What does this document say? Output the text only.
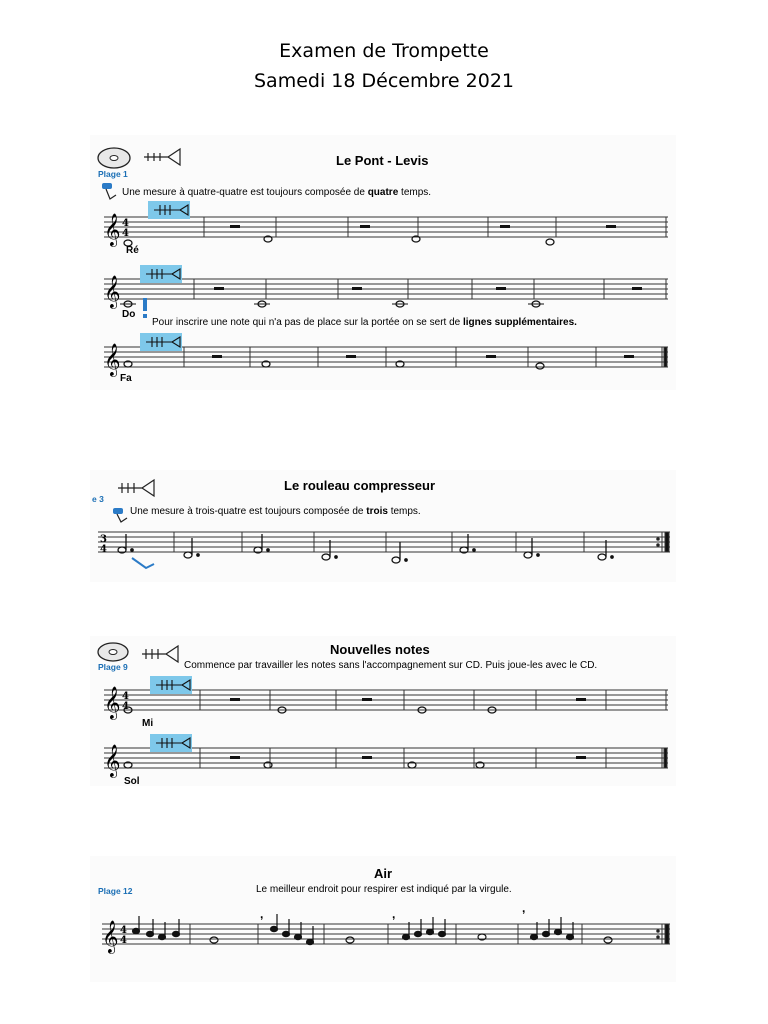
Examen de Trompette
Samedi 18 Décembre 2021
Plage 1
Le Pont - Levis
Une mesure à quatre-quatre est toujours composée de quatre temps.
𝄞 4
4
Ré
𝄞
Do
Pour inscrire une note qui n'a pas de place sur la portée on se sert de lignes supplémentaires.
𝄞
Fa
e 3
Le rouleau compresseur
Une mesure à trois-quatre est toujours composée de trois temps.
3
4
Plage 9
Nouvelles notes
Commence par travailler les notes sans l'accompagnement sur CD. Puis joue-les avec le CD.
𝄞 4
4
Mi
𝄞
Sol
Plage 12
Air
Le meilleur endroit pour respirer est indiqué par la virgule.
𝄞 4
4
,	,	,
